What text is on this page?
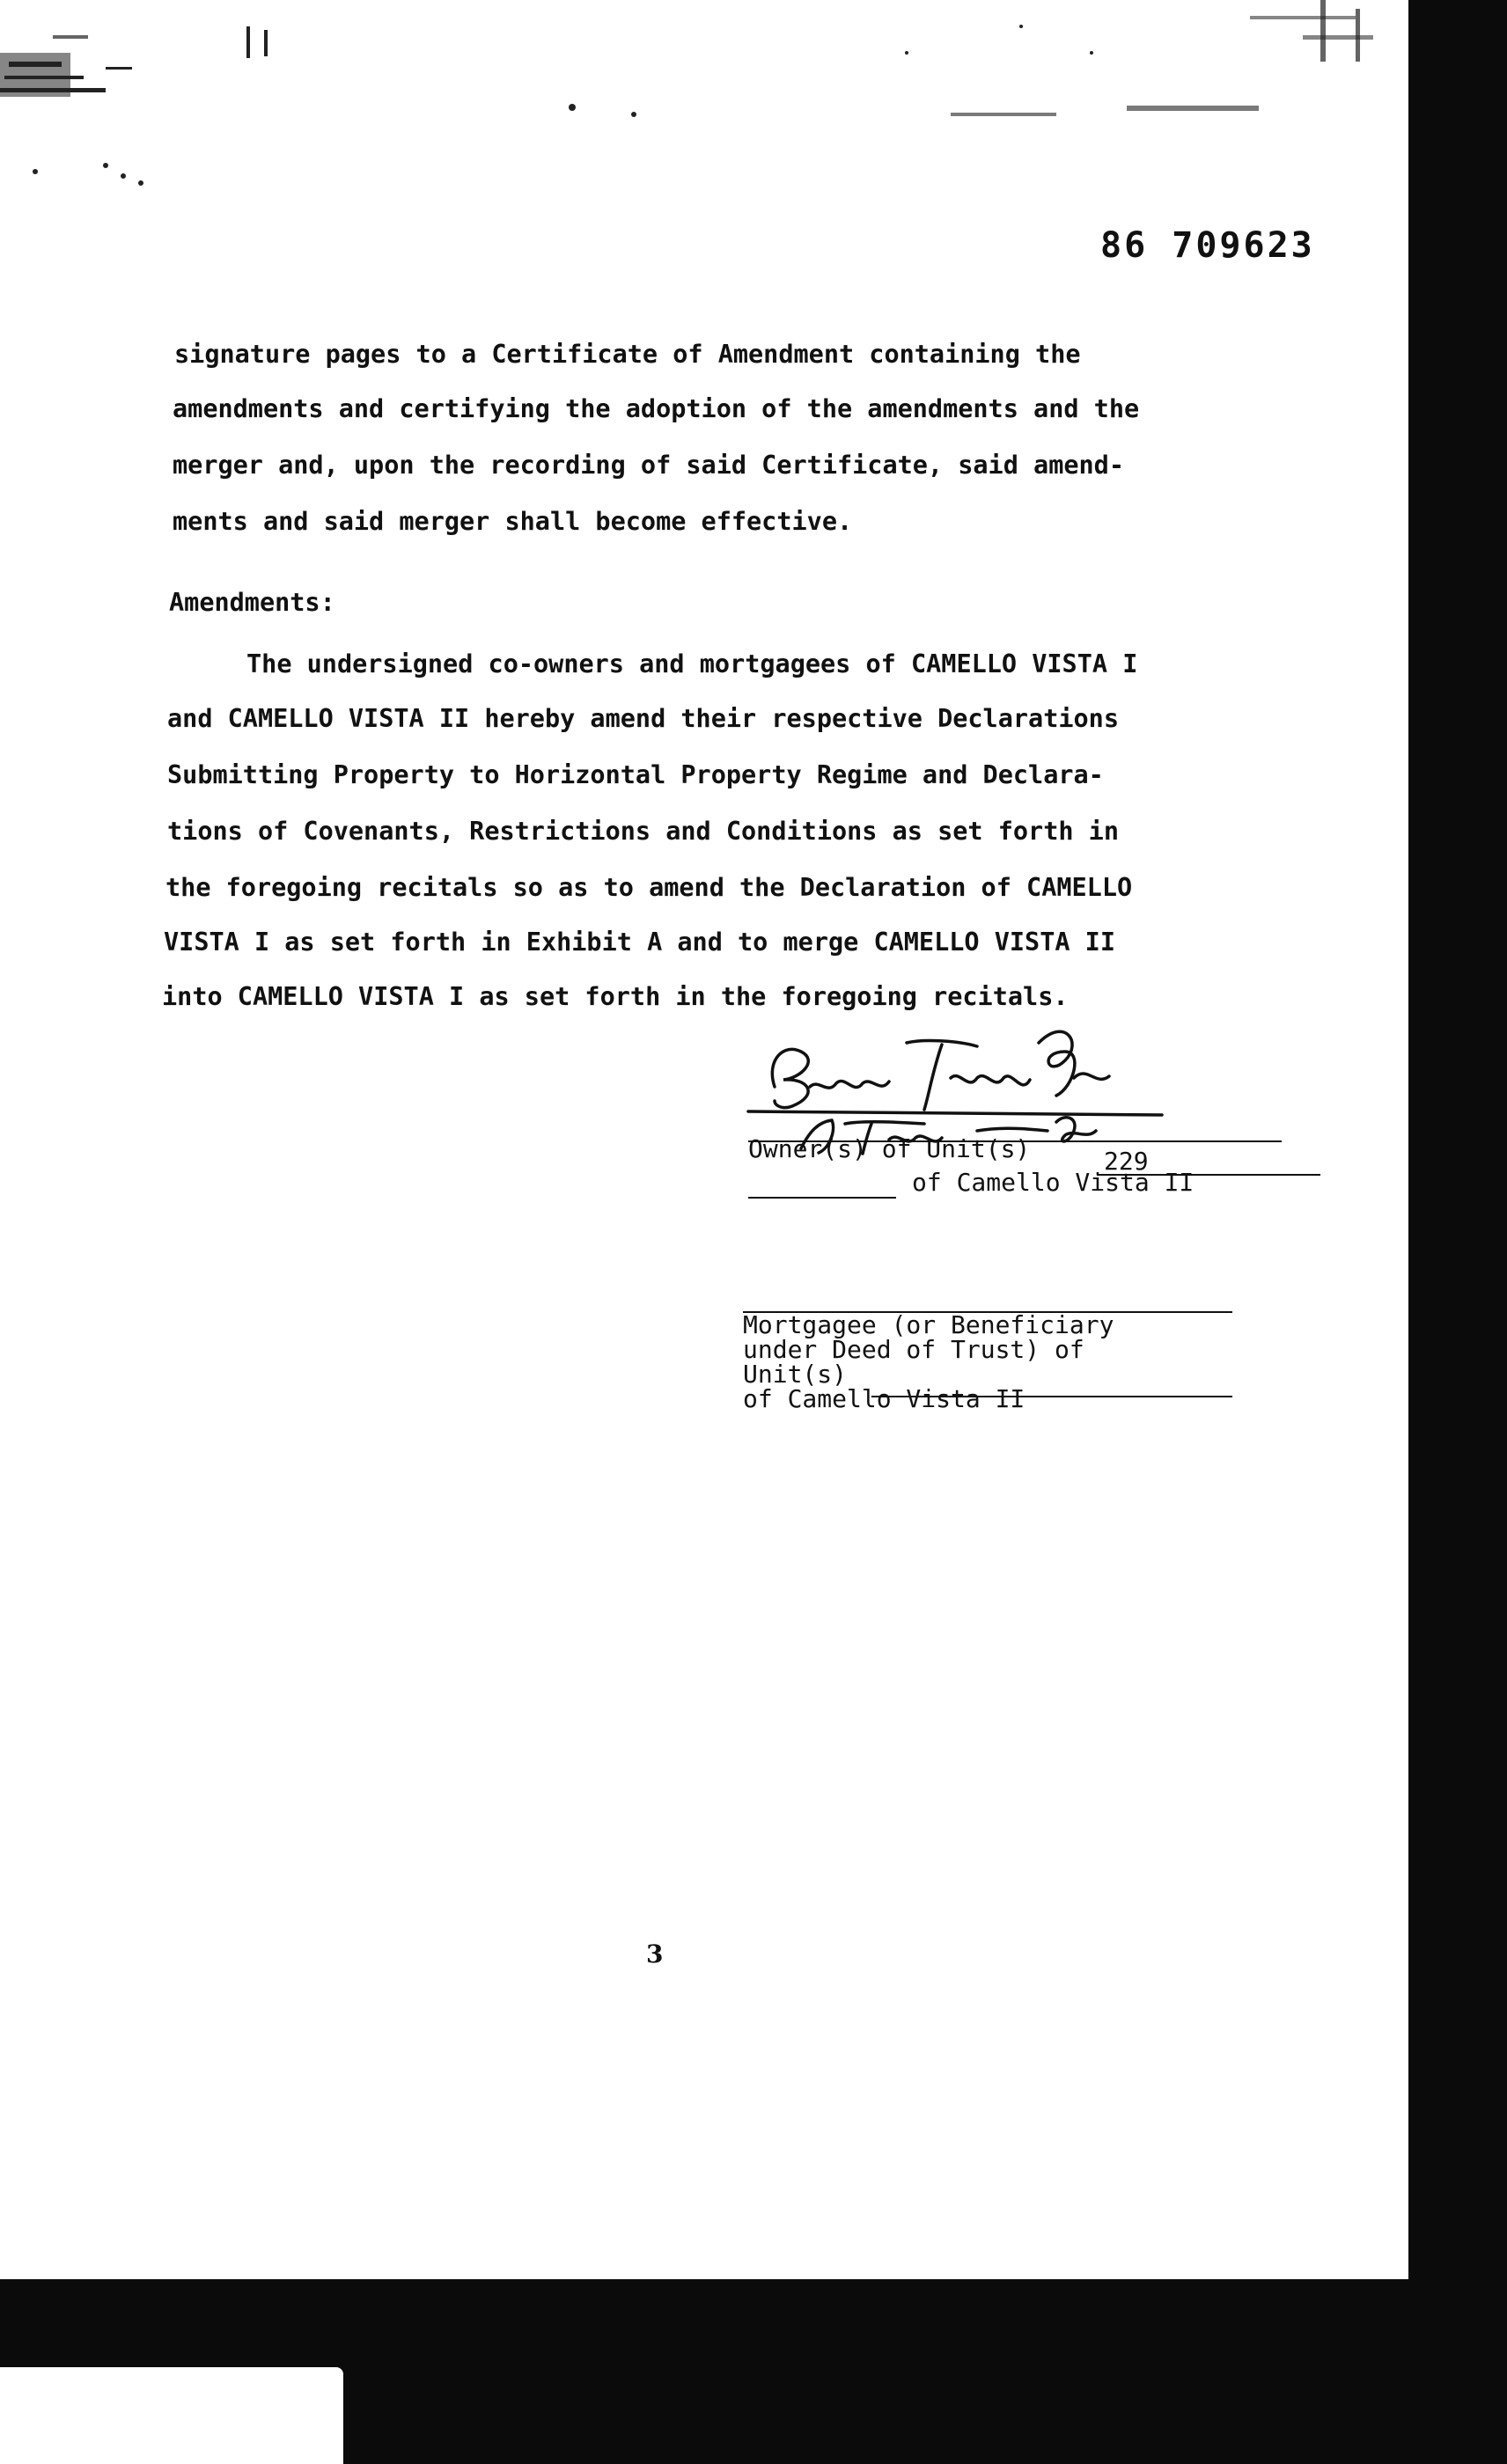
86 709623
signature pages to a Certificate of Amendment containing the
amendments and certifying the adoption of the amendments and the
merger and, upon the recording of said Certificate, said amend-
ments and said merger shall become effective.
Amendments:
The undersigned co-owners and mortgagees of CAMELLO VISTA I
and CAMELLO VISTA II hereby amend their respective Declarations
Submitting Property to Horizontal Property Regime and Declara-
tions of Covenants, Restrictions and Conditions as set forth in
the foregoing recitals so as to amend the Declaration of CAMELLO
VISTA I as set forth in Exhibit A and to merge CAMELLO VISTA II
into CAMELLO VISTA I as set forth in the foregoing recitals.
Owner(s) of Unit(s)	229
of Camello Vista II
Mortgagee (or Beneficiary
under Deed of Trust) of
Unit(s)
of Camello Vista II
3
